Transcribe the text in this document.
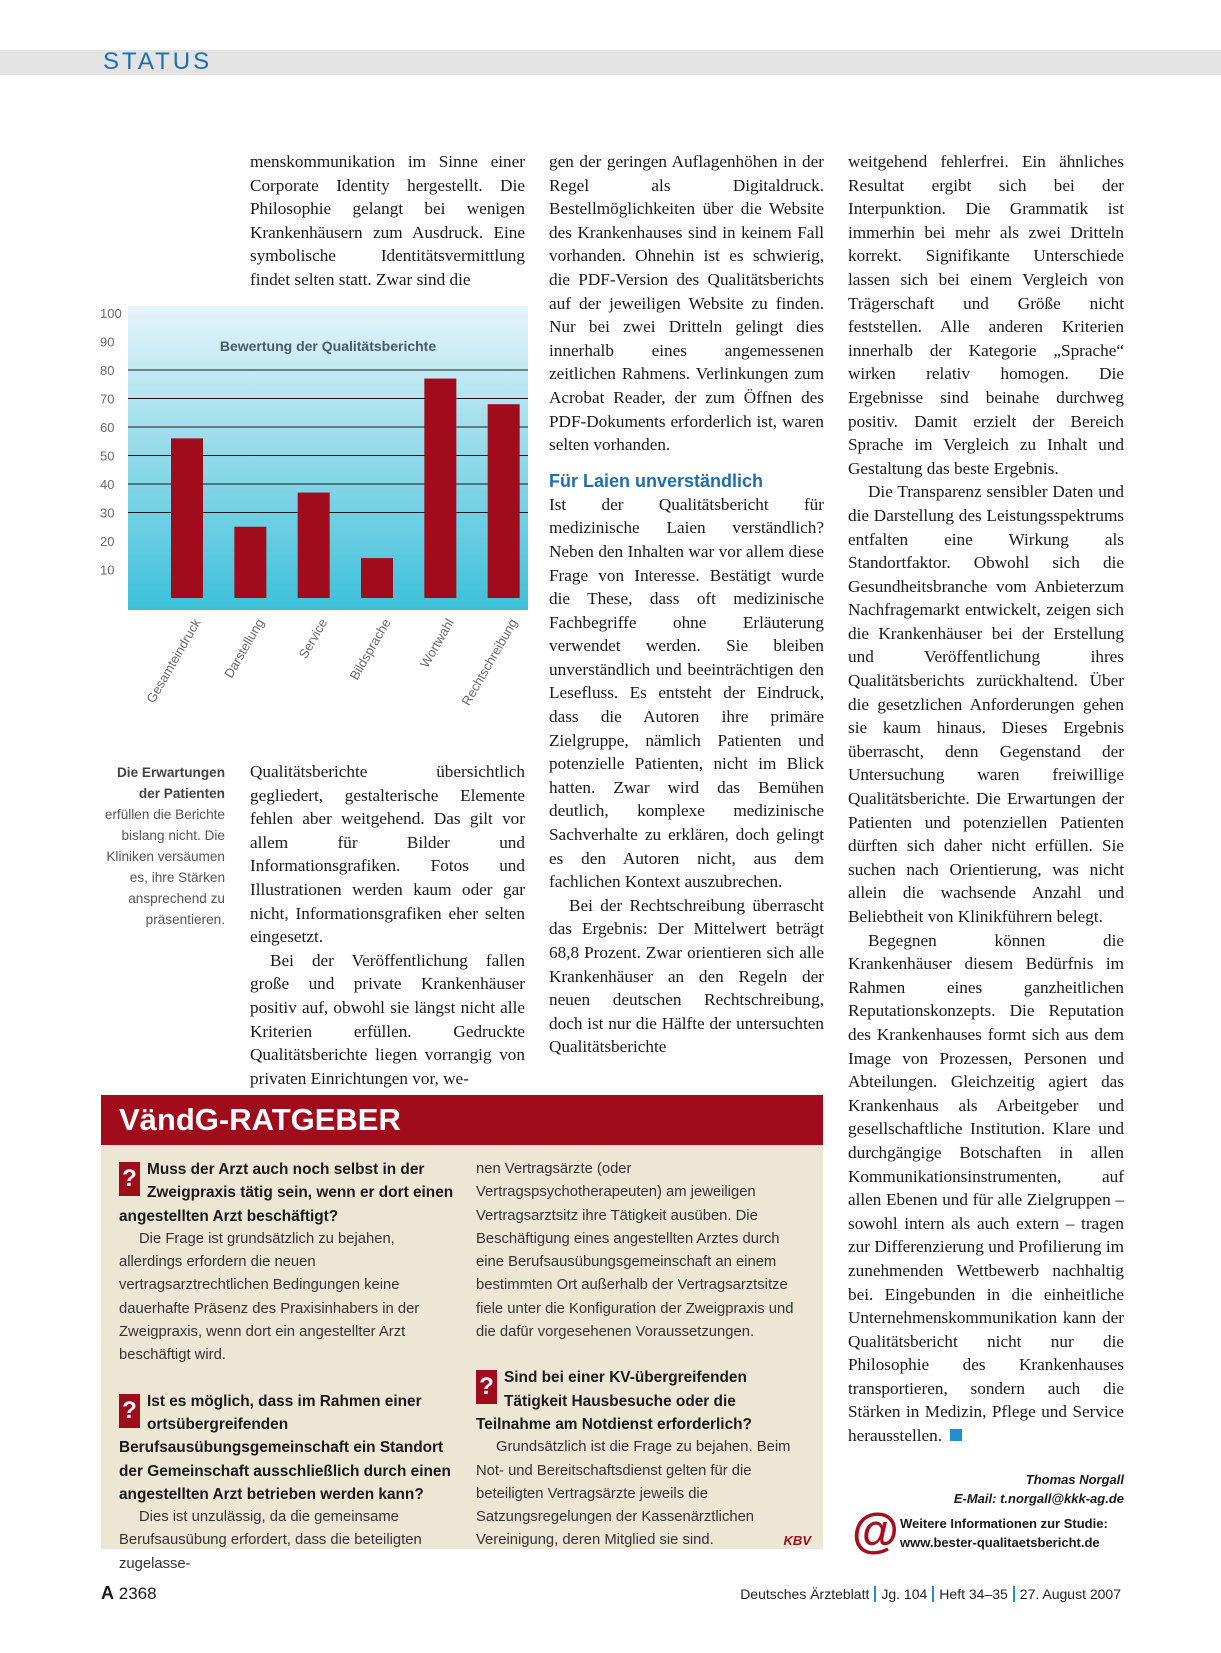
STATUS

menskommunikation im Sinne einer Corporate Identity hergestellt. Die Philosophie gelangt bei wenigen Krankenhäusern zum Ausdruck. Eine symbolische Identitätsvermittlung findet selten statt. Zwar sind die

10
20
30
40
50
60
70
80
90
100
Bewertung der Qualitätsberichte
Gesamteindruck Darstellung Service Bildsprache Wortwahl Rechtschreibung
Die Erwartungen der Patienten
erfüllen die Berichte bislang nicht. Die Kliniken versäumen es, ihre Stärken ansprechend zu präsentieren.

Qualitätsberichte übersichtlich gegliedert, gestalterische Elemente fehlen aber weitgehend. Das gilt vor allem für Bilder und Informationsgrafiken. Fotos und Illustrationen werden kaum oder gar nicht, Informationsgrafiken eher selten eingesetzt.

Bei der Veröffentlichung fallen große und private Krankenhäuser positiv auf, obwohl sie längst nicht alle Kriterien erfüllen. Gedruckte Qualitätsberichte liegen vorrangig von privaten Einrichtungen vor, we-

gen der geringen Auflagenhöhen in der Regel als Digitaldruck. Bestellmöglichkeiten über die Website des Krankenhauses sind in keinem Fall vorhanden. Ohnehin ist es schwierig, die PDF-Version des Qualitätsberichts auf der jeweiligen Website zu finden. Nur bei zwei Dritteln gelingt dies innerhalb eines angemessenen zeitlichen Rahmens. Verlinkungen zum Acrobat Reader, der zum Öffnen des PDF-Dokuments erforderlich ist, waren selten vorhanden.

Für Laien unverständlich

Ist der Qualitätsbericht für medizinische Laien verständlich? Neben den Inhalten war vor allem diese Frage von Interesse. Bestätigt wurde die These, dass oft medizinische Fachbegriffe ohne Erläuterung verwendet werden. Sie bleiben unverständlich und beeinträchtigen den Lesefluss. Es entsteht der Eindruck, dass die Autoren ihre primäre Zielgruppe, nämlich Patienten und potenzielle Patienten, nicht im Blick hatten. Zwar wird das Bemühen deutlich, komplexe medizinische Sachverhalte zu erklären, doch gelingt es den Autoren nicht, aus dem fachlichen Kontext auszubrechen.

Bei der Rechtschreibung überrascht das Ergebnis: Der Mittelwert beträgt 68,8 Prozent. Zwar orientieren sich alle Krankenhäuser an den Regeln der neuen deutschen Rechtschreibung, doch ist nur die Hälfte der untersuchten Qualitätsberichte

weitgehend fehlerfrei. Ein ähnliches Resultat ergibt sich bei der Interpunktion. Die Grammatik ist immerhin bei mehr als zwei Dritteln korrekt. Signifikante Unterschiede lassen sich bei einem Vergleich von Trägerschaft und Größe nicht feststellen. Alle anderen Kriterien innerhalb der Kategorie „Sprache“ wirken relativ homogen. Die Ergebnisse sind beinahe durchweg positiv. Damit erzielt der Bereich Sprache im Vergleich zu Inhalt und Gestaltung das beste Ergebnis.

Die Transparenz sensibler Daten und die Darstellung des Leistungsspektrums entfalten eine Wirkung als Standortfaktor. Obwohl sich die Gesundheitsbranche vom Anbieterzum Nachfragemarkt entwickelt, zeigen sich die Krankenhäuser bei der Erstellung und Veröffentlichung ihres Qualitätsberichts zurückhaltend. Über die gesetzlichen Anforderungen gehen sie kaum hinaus. Dieses Ergebnis überrascht, denn Gegenstand der Untersuchung waren freiwillige Qualitätsberichte. Die Erwartungen der Patienten und potenziellen Patienten dürften sich daher nicht erfüllen. Sie suchen nach Orientierung, was nicht allein die wachsende Anzahl und Beliebtheit von Klinikführern belegt.

Begegnen können die Krankenhäuser diesem Bedürfnis im Rahmen eines ganzheitlichen Reputationskonzepts. Die Reputation des Krankenhauses formt sich aus dem Image von Prozessen, Personen und Abteilungen. Gleichzeitig agiert das Krankenhaus als Arbeitgeber und gesellschaftliche Institution. Klare und durchgängige Botschaften in allen Kommunikationsinstrumenten, auf allen Ebenen und für alle Zielgruppen – sowohl intern als auch extern – tragen zur Differenzierung und Profilierung im zunehmenden Wettbewerb nachhaltig bei. Eingebunden in die einheitliche Unternehmenskommunikation kann der Qualitätsbericht nicht nur die Philosophie des Krankenhauses transportieren, sondern auch die Stärken in Medizin, Pflege und Service herausstellen.

Thomas Norgall
E-Mail: t.norgall@kkk-ag.de
@ Weitere Informationen zur Studie:
www.bester-qualitaetsbericht.de
VändG-RATGEBER
? Muss der Arzt auch noch selbst in der Zweigpraxis tätig sein, wenn er dort einen angestellten Arzt beschäftigt?
Die Frage ist grundsätzlich zu bejahen, allerdings erfordern die neuen vertragsarztrechtlichen Bedingungen keine dauerhafte Präsenz des Praxisinhabers in der Zweigpraxis, wenn dort ein angestellter Arzt beschäftigt wird.
? Ist es möglich, dass im Rahmen einer ortsübergreifenden Berufsausübungsgemeinschaft ein Standort der Gemeinschaft ausschließlich durch einen angestellten Arzt betrieben werden kann?
Dies ist unzulässig, da die gemeinsame Berufsausübung erfordert, dass die beteiligten zugelasse-
nen Vertragsärzte (oder Vertragspsychotherapeuten) am jeweiligen Vertragsarztsitz ihre Tätigkeit ausüben. Die Beschäftigung eines angestellten Arztes durch eine Berufsausübungsgemeinschaft an einem bestimmten Ort außerhalb der Vertragsarztsitze fiele unter die Konfiguration der Zweigpraxis und die dafür vorgesehenen Voraussetzungen.
? Sind bei einer KV-übergreifenden Tätigkeit Hausbesuche oder die Teilnahme am Notdienst erforderlich?
Grundsätzlich ist die Frage zu bejahen. Beim Not- und Bereitschaftsdienst gelten für die beteiligten Vertragsärzte jeweils die Satzungsregelungen der Kassenärztlichen Vereinigung, deren Mitglied sie sind.	KBV
A 2368	Deutsches Ärzteblatt Jg. 104 Heft 34–35 27. August 2007
